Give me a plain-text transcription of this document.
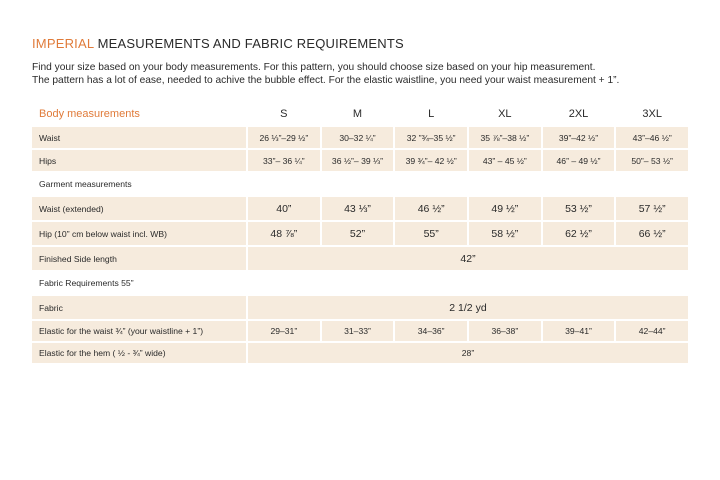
IMPERIAL MEASUREMENTS AND FABRIC REQUIREMENTS

Find your size based on your body measurements. For this pattern, you should choose size based on your hip measurement.

The pattern has a lot of ease, needed to achive the bubble effect. For the elastic waistline, you need your waist measurement + 1”.

Body measurements	S	M	L	XL	2XL	3XL
Waist	26 ⅓”–29 ½”	30–32 ¼”	32 ”¾–35 ½”	35 ⅞”–38 ½”	39”–42 ½”	43”–46 ½”
Hips	33”– 36 ¼”	36 ½”– 39 ⅓”	39 ¾”– 42 ½”	43” – 45 ½”	46” – 49 ½”	50”– 53 ½”
Garment measurements
Waist (extended)	40”	43 ⅓”	46 ½”	49 ½”	53 ½”	57 ½”
Hip (10” cm below waist incl. WB)	48 ⅞”	52”	55”	58 ½”	62 ½”	66 ½”
Finished Side length	42”
Fabric Requirements 55”
Fabric	2 1/2 yd
Elastic for the waist ¾” (your waistline + 1”)	29–31”	31–33”	34–36”	36–38”	39–41”	42–44”
Elastic for the hem ( ½ - ¾” wide)	28”
